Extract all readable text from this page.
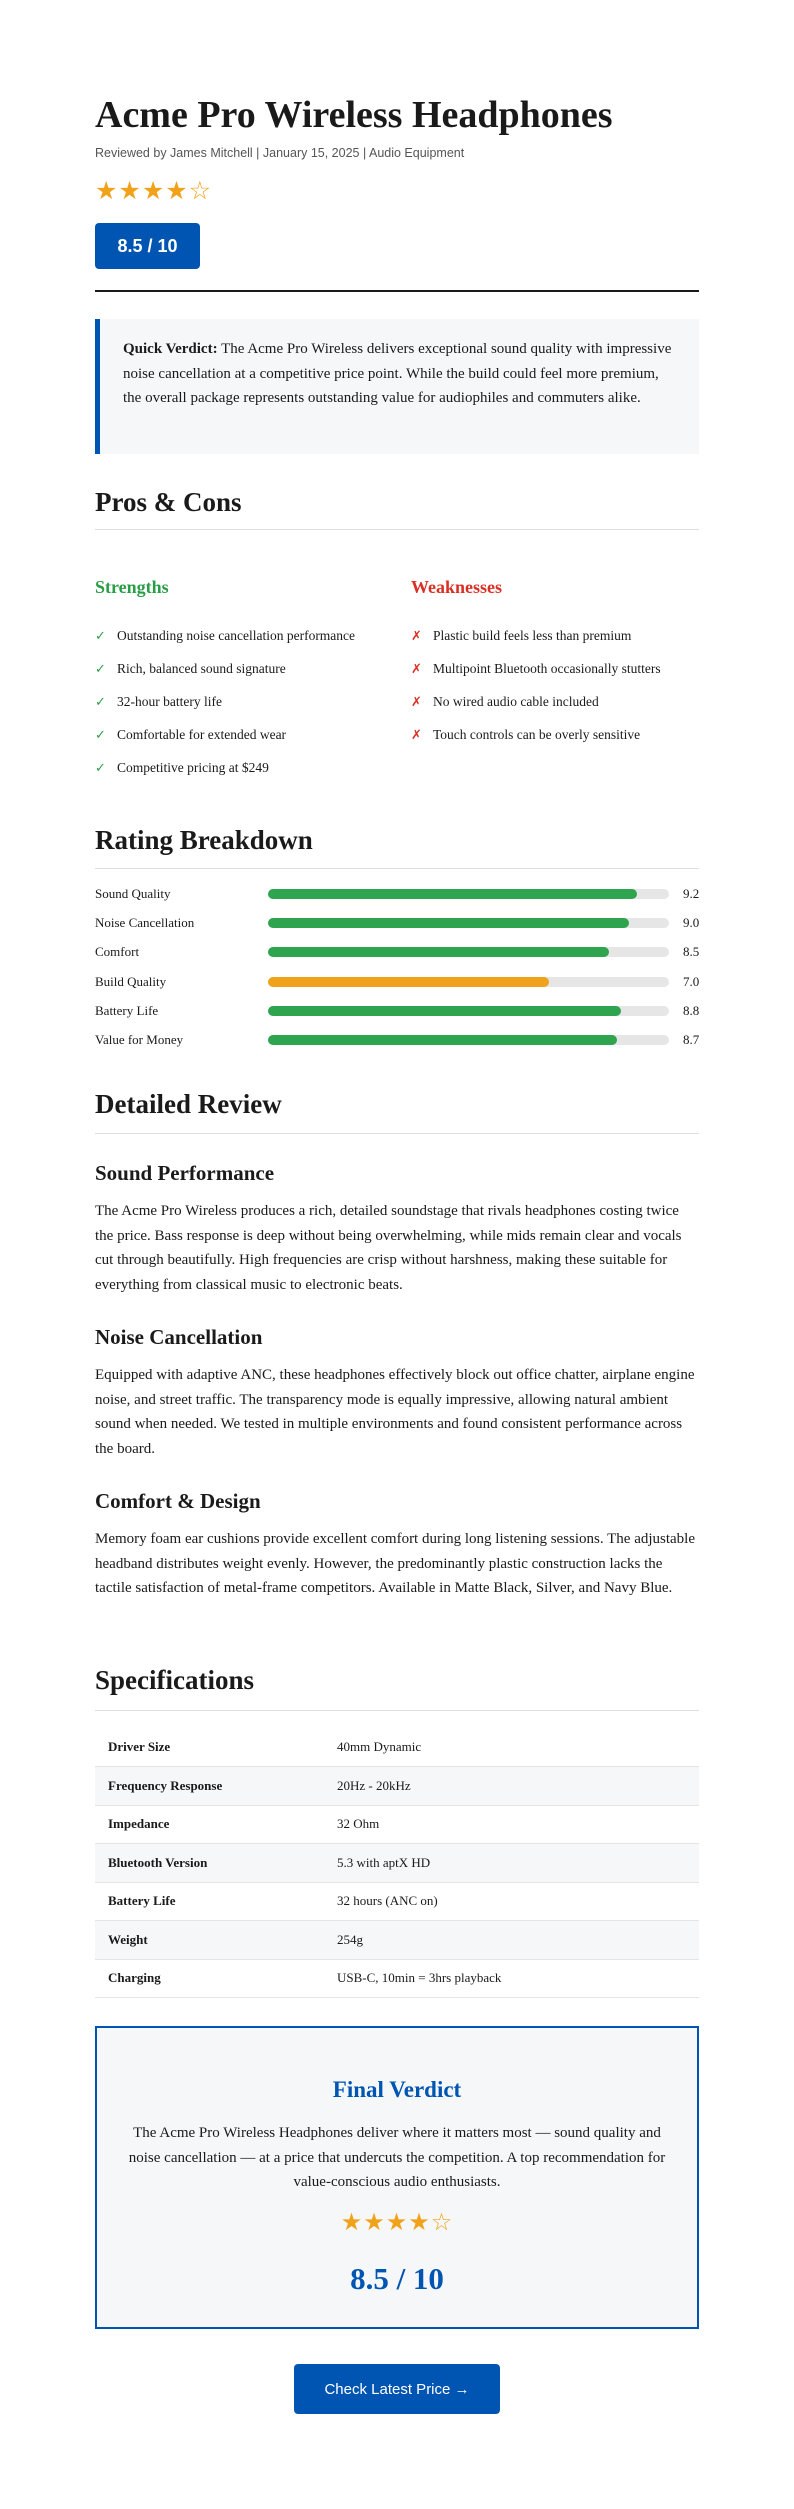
Acme Pro Wireless Headphones
Reviewed by James Mitchell | January 15, 2025 | Audio Equipment
★★★★☆
8.5 / 10
Quick Verdict: The Acme Pro Wireless delivers exceptional sound quality with impressive noise cancellation at a competitive price point. While the build could feel more premium, the overall package represents outstanding value for audiophiles and commuters alike.
Pros & Cons
Strengths	Weaknesses
✓ Outstanding noise cancellation performance
✓ Rich, balanced sound signature
✓ 32-hour battery life
✓ Comfortable for extended wear
✓ Competitive pricing at $249
✗ Plastic build feels less than premium
✗ Multipoint Bluetooth occasionally stutters
✗ No wired audio cable included
✗ Touch controls can be overly sensitive
Rating Breakdown
Sound Quality	9.2
Noise Cancellation	9.0
Comfort	8.5
Build Quality	7.0
Battery Life	8.8
Value for Money	8.7
Detailed Review
Sound Performance

The Acme Pro Wireless produces a rich, detailed soundstage that rivals headphones costing twice the price. Bass response is deep without being overwhelming, while mids remain clear and vocals cut through beautifully. High frequencies are crisp without harshness, making these suitable for everything from classical music to electronic beats.

Noise Cancellation

Equipped with adaptive ANC, these headphones effectively block out office chatter, airplane engine noise, and street traffic. The transparency mode is equally impressive, allowing natural ambient sound when needed. We tested in multiple environments and found consistent performance across the board.

Comfort & Design

Memory foam ear cushions provide excellent comfort during long listening sessions. The adjustable headband distributes weight evenly. However, the predominantly plastic construction lacks the tactile satisfaction of metal-frame competitors. Available in Matte Black, Silver, and Navy Blue.

Specifications
Driver Size	40mm Dynamic
Frequency Response	20Hz - 20kHz
Impedance	32 Ohm
Bluetooth Version	5.3 with aptX HD
Battery Life	32 hours (ANC on)
Weight	254g
Charging	USB-C, 10min = 3hrs playback
Final Verdict
The Acme Pro Wireless Headphones deliver where it matters most — sound quality and noise cancellation — at a price that undercuts the competition. A top recommendation for value-conscious audio enthusiasts.
★★★★☆
8.5 / 10
Check Latest Price →
